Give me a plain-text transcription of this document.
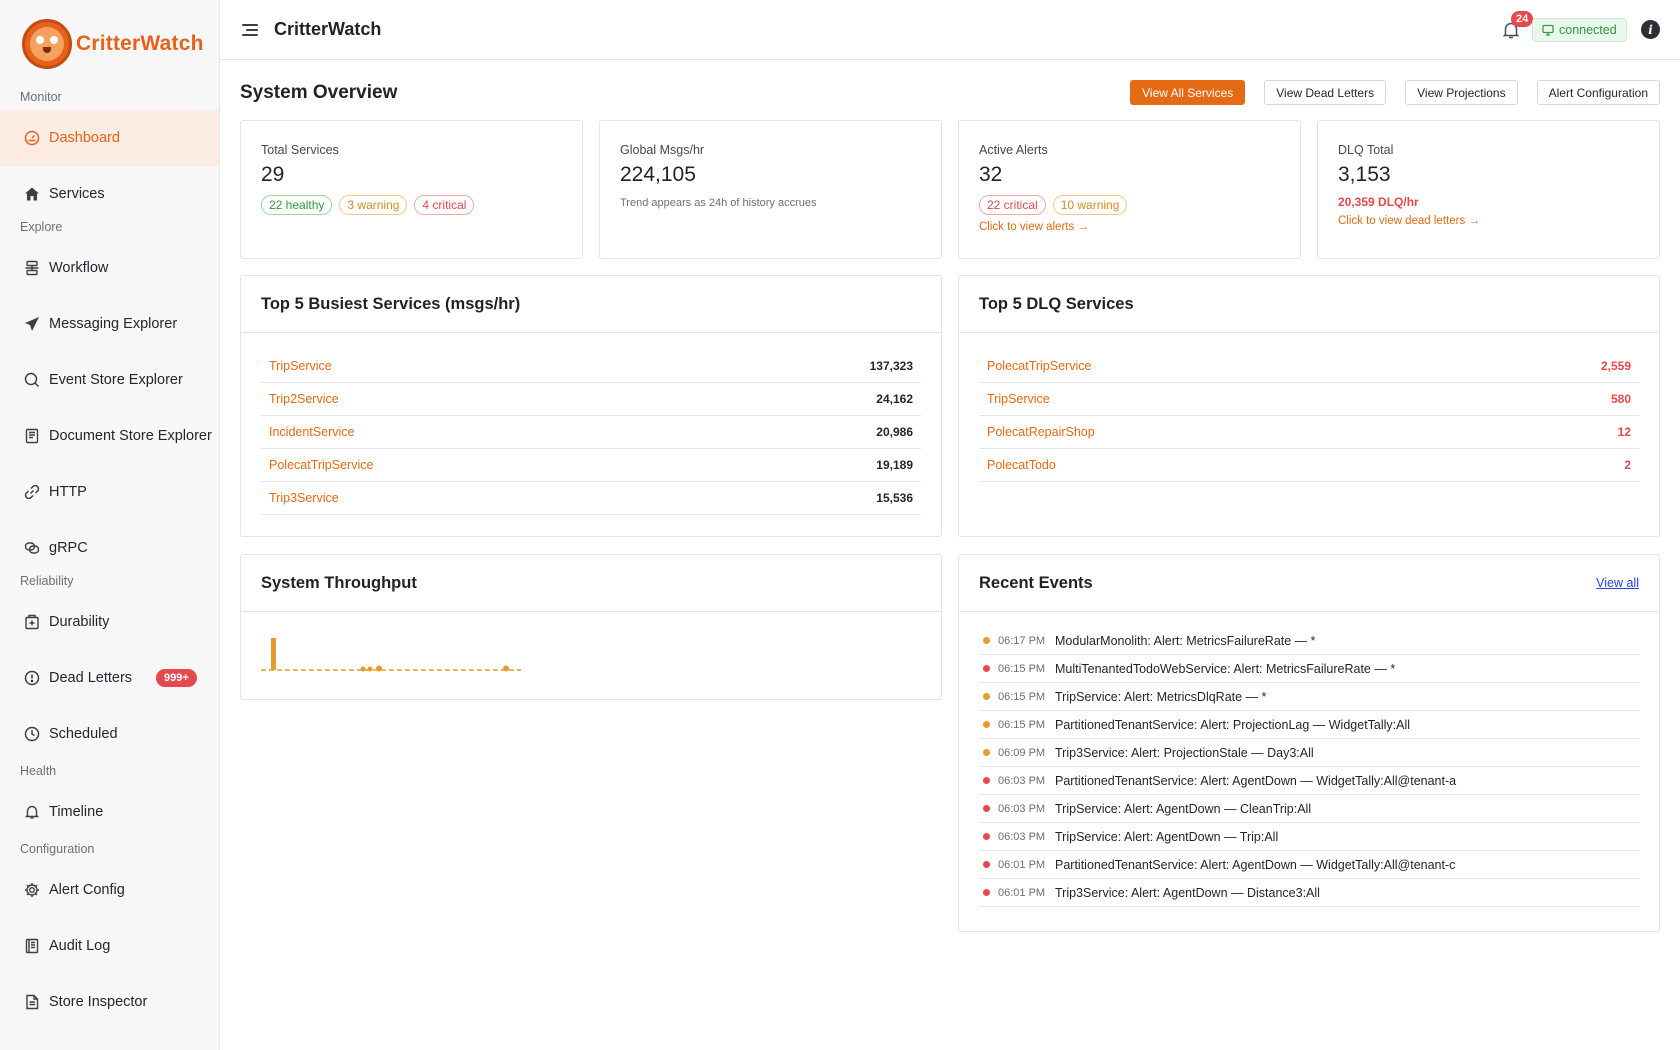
CritterWatch
Monitor
Dashboard
Services
Explore
Workflow
Messaging Explorer
Event Store Explorer
Document Store Explorer
HTTP
gRPC
Reliability
Durability
Dead Letters	999+
Scheduled
Health
Timeline
Configuration
Alert Config
Audit Log
Store Inspector
CritterWatch	24
connected	i
System Overview	View All Services	View Dead Letters	View Projections	Alert Configuration
Total Services
29
22 healthy	3 warning	4 critical
Global Msgs/hr
224,105
Trend appears as 24h of history accrues
Active Alerts
32
22 critical	10 warning
Click to view alerts →
DLQ Total
3,153
20,359 DLQ/hr
Click to view dead letters →
Top 5 Busiest Services (msgs/hr)
TripService	137,323
Trip2Service	24,162
IncidentService	20,986
PolecatTripService	19,189
Trip3Service	15,536
Top 5 DLQ Services
PolecatTripService	2,559
TripService	580
PolecatRepairShop	12
PolecatTodo	2
System Throughput	Recent Events	View all
06:17 PM ModularMonolith: Alert: MetricsFailureRate — *
06:15 PM MultiTenantedTodoWebService: Alert: MetricsFailureRate — *
06:15 PM TripService: Alert: MetricsDlqRate — *
06:15 PM PartitionedTenantService: Alert: ProjectionLag — WidgetTally:All
06:09 PM Trip3Service: Alert: ProjectionStale — Day3:All
06:03 PM PartitionedTenantService: Alert: AgentDown — WidgetTally:All@tenant-a
06:03 PM TripService: Alert: AgentDown — CleanTrip:All
06:03 PM TripService: Alert: AgentDown — Trip:All
06:01 PM PartitionedTenantService: Alert: AgentDown — WidgetTally:All@tenant-c
06:01 PM Trip3Service: Alert: AgentDown — Distance3:All
